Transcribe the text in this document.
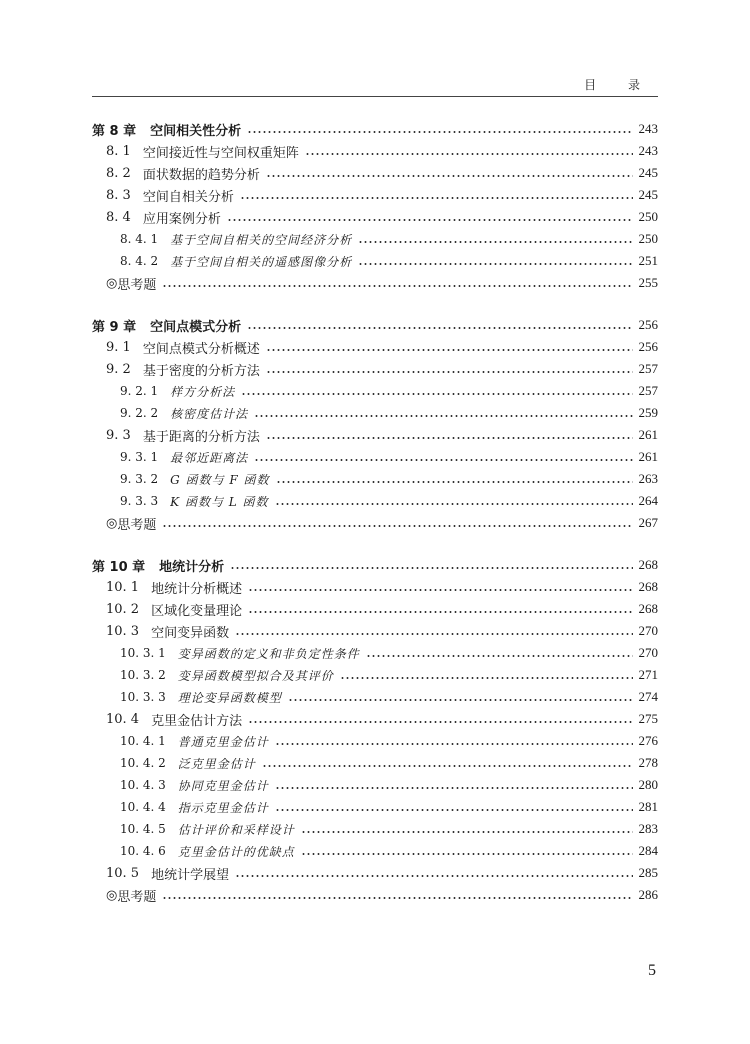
目 录
第 8 章 空间相关性分析	243
8. 1 空间接近性与空间权重矩阵	243
8. 2 面状数据的趋势分析	245
8. 3 空间自相关分析	245
8. 4 应用案例分析	250
8. 4. 1 基于空间自相关的空间经济分析	250
8. 4. 2 基于空间自相关的遥感图像分析	251
◎ 思考题	255
第 9 章 空间点模式分析	256
9. 1 空间点模式分析概述	256
9. 2 基于密度的分析方法	257
9. 2. 1 样方分析法	257
9. 2. 2 核密度估计法	259
9. 3 基于距离的分析方法	261
9. 3. 1 最邻近距离法	261
9. 3. 2 G 函数与 F 函数	263
9. 3. 3 K 函数与 L 函数	264
◎ 思考题	267
第 10 章 地统计分析	268
10. 1 地统计分析概述	268
10. 2 区域化变量理论	268
10. 3 空间变异函数	270
10. 3. 1 变异函数的定义和非负定性条件	270
10. 3. 2 变异函数模型拟合及其评价	271
10. 3. 3 理论变异函数模型	274
10. 4 克里金估计方法	275
10. 4. 1 普通克里金估计	276
10. 4. 2 泛克里金估计	278
10. 4. 3 协同克里金估计	280
10. 4. 4 指示克里金估计	281
10. 4. 5 估计评价和采样设计	283
10. 4. 6 克里金估计的优缺点	284
10. 5 地统计学展望	285
◎ 思考题	286
5
